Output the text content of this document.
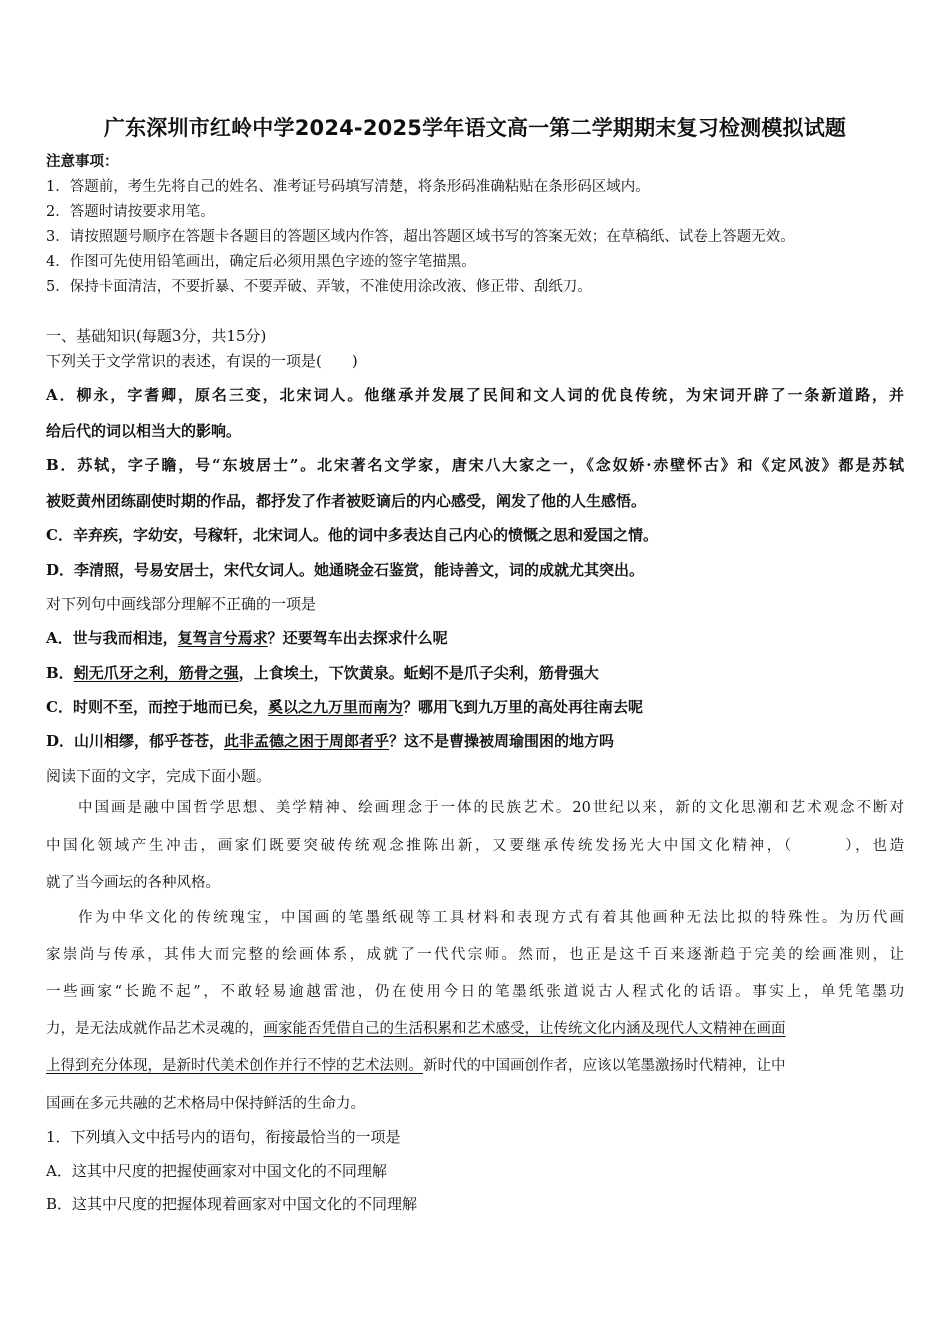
广东深圳市红岭中学2024-2025学年语文高一第二学期期末复习检测模拟试题
注意事项：
1．答题前，考生先将自己的姓名、准考证号码填写清楚，将条形码准确粘贴在条形码区域内。
2．答题时请按要求用笔。
3．请按照题号顺序在答题卡各题目的答题区域内作答，超出答题区域书写的答案无效；在草稿纸、试卷上答题无效。
4．作图可先使用铅笔画出，确定后必须用黑色字迹的签字笔描黑。
5．保持卡面清洁，不要折暴、不要弄破、弄皱，不准使用涂改液、修正带、刮纸刀。
一、基础知识(每题3分，共15分)
下列关于文学常识的表述，有误的一项是(　　)
A．柳永，字耆卿，原名三变，北宋词人。他继承并发展了民间和文人词的优良传统，为宋词开辟了一条新道路，并
给后代的词以相当大的影响。
B．苏轼，字子瞻，号“东坡居士”。北宋著名文学家，唐宋八大家之一，《念奴娇·赤壁怀古》和《定风波》都是苏轼
被贬黄州团练副使时期的作品，都抒发了作者被贬谪后的内心感受，阐发了他的人生感悟。
C．辛弃疾，字幼安，号稼轩，北宋词人。他的词中多表达自己内心的愤慨之思和爱国之情。
D．李清照，号易安居士，宋代女词人。她通晓金石鉴赏，能诗善文，词的成就尤其突出。
对下列句中画线部分理解不正确的一项是
A．世与我而相违，复驾言兮焉求？还要驾车出去探求什么呢
B．蚓无爪牙之利，筋骨之强，上食埃土，下饮黄泉。蚯蚓不是爪子尖利，筋骨强大
C．时则不至，而控于地而已矣，奚以之九万里而南为？哪用飞到九万里的高处再往南去呢
D．山川相缪，郁乎苍苍，此非孟德之困于周郎者乎？这不是曹操被周瑜围困的地方吗
阅读下面的文字，完成下面小题。
中国画是融中国哲学思想、美学精神、绘画理念于一体的民族艺术。20世纪以来，新的文化思潮和艺术观念不断对
中国化领域产生冲击，画家们既要突破传统观念推陈出新，又要继承传统发扬光大中国文化精神，（　　　），也造
就了当今画坛的各种风格。
作为中华文化的传统瑰宝，中国画的笔墨纸砚等工具材料和表现方式有着其他画种无法比拟的特殊性。为历代画
家崇尚与传承，其伟大而完整的绘画体系，成就了一代代宗师。然而，也正是这千百来逐渐趋于完美的绘画准则，让
一些画家“长跪不起”，不敢轻易逾越雷池，仍在使用今日的笔墨纸张道说古人程式化的话语。事实上，单凭笔墨功
力，是无法成就作品艺术灵魂的，画家能否凭借自己的生活积累和艺术感受，让传统文化内涵及现代人文精神在画面
上得到充分体现，是新时代美术创作并行不悖的艺术法则。新时代的中国画创作者，应该以笔墨激扬时代精神，让中
国画在多元共融的艺术格局中保持鲜活的生命力。
1．下列填入文中括号内的语句，衔接最恰当的一项是
A．这其中尺度的把握使画家对中国文化的不同理解
B．这其中尺度的把握体现着画家对中国文化的不同理解
